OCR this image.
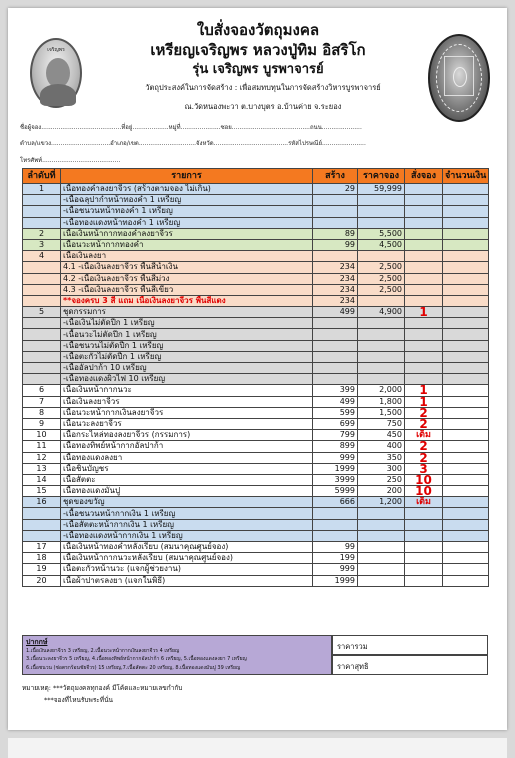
เจริญพร
ใบสั่งจองวัตถุมงคล
เหรียญเจริญพร หลวงปู่ทิม อิสริโก
รุ่น เจริญพร บูรพาจารย์
วัตถุประสงค์ในการจัดสร้าง : เพื่อสมทบทุนในการจัดสร้างวิหารบูรพาจารย์
ณ.วัดหนองพะวา ต.บางบุตร อ.บ้านค่าย จ.ระยอง
ชื่อผู้จอง..........................................ที่อยู่...................หมู่ที่.....................ซอย.........................................ถนน.....................
ตำบล/แขวง...............................อำเภอ/เขต..............................จังหวัด.......................................รหัสไปรษณีย์.......................
โทรศัพท์.........................................
ลำดับที่	รายการ	สร้าง	ราคาจอง	สั่งจอง	จำนวนเงิน
1	เนื้อทองคำลงยาจีวร (สร้างตามจอง ไม่เกิน)	29	59,999		
	-เนื้อฉลุปากำหน้าทองคำ 1 เหรียญ				
	-เนื้อชนวนหน้าทองคำ 1 เหรียญ				
	-เนื้อทองแดงหน้าทองคำ 1 เหรียญ				
2	เนื้อเงินหน้ากากทองคำลงยาจีวร	89	5,500		
3	เนื้อนวะหน้ากากทองคำ	99	4,500		
4	เนื้อเงินลงยา				
	4.1 -เนื้อเงินลงยาจีวร พื้นสีน้ำเงิน	234	2,500		
	4.2 -เนื้อเงินลงยาจีวร พื้นสีม่วง	234	2,500		
	4.3 -เนื้อเงินลงยาจีวร พื้นสีเขียว	234	2,500		
	**จองครบ 3 สี แถม เนื้อเงินลงยาจีวร พื้นสีแดง	234			
5	ชุดกรรมการ	499	4,900	1	
	-เนื้อเงินไม่ตัดปีก 1 เหรียญ				
	-เนื้อนวะไม่ตัดปีก 1 เหรียญ				
	-เนื้อชนวนไม่ตัดปีก 1 เหรียญ				
	-เนื้อตะกั่วไม่ตัดปีก 1 เหรียญ				
	-เนื้ออัลปาก้า 10 เหรียญ				
	-เนื้อทองแดงผิวไฟ 10 เหรียญ				
6	เนื้อเงินหน้ากากนวะ	399	2,000	1	
7	เนื้อเงินลงยาจีวร	499	1,800	1	
8	เนื้อนวะหน้ากากเงินลงยาจีวร	599	1,500	2	
9	เนื้อนวะลงยาจีวร	699	750	2	
10	เนื้อกระไหล่ทองลงยาจีวร (กรรมการ)	799	450	เต็ม	
11	เนื้อทองทิพย์หน้ากากอัลปาก้า	899	400	2	
12	เนื้อทองแดงลงยา	999	350	2	
13	เนื้อชินบัญชร	1999	300	3	
14	เนื้อสัตตะ	3999	250	10	
15	เนื้อทองแดงมันปู	5999	200	10	
16	ชุดของขวัญ	666	1,200	เต็ม	
	-เนื้อชนวนหน้ากากเงิน 1 เหรียญ				
	-เนื้อสัตตะหน้ากากเงิน 1 เหรียญ				
	-เนื้อทองแดงหน้ากากเงิน 1 เหรียญ				
17	เนื้อเงินหน้าทองคำหลังเรียบ (สมนาคุณศูนย์จอง)	99			
18	เนื้อเงินหน้ากากนวะหลังเรียบ (สมนาคุณศูนย์จอง)	199			
19	เนื้อตะกั่วหน้านวะ (แจกผู้ช่วยงาน)	999			
20	เนื้อผ้าปาตรลงยา (แจกในพิธี)	1999			
ปากกษ์
1.เนื้อเงินลงยาจีวร 3 เหรียญ, 2.เนื้อนวะหน้ากากเงินลงยาจีวร 4 เหรียญ
3.เนื้อนวะลงยาจีวร 5 เหรียญ, 4.เนื้อทองทิพย์หน้ากากอัลปาก้า 6 เหรียญ, 5.เนื้อทองแดงลงยา 7 เหรียญ
6.เนื้อชนวน (ช่อตรกร้อนชัยจีวร) 15 เหรียญ,7.เนื้อสัตตะ 20 เหรียญ, 8.เนื้อทองแดงมันปู 39 เหรียญ
ราคารวม
ราคาสุทธิ
หมายเหตุ: ***วัตถุมงคลทุกองค์ มีโค้ดและหมายเลขกำกับ
***จองที่ไหนรับพระที่นั่น
